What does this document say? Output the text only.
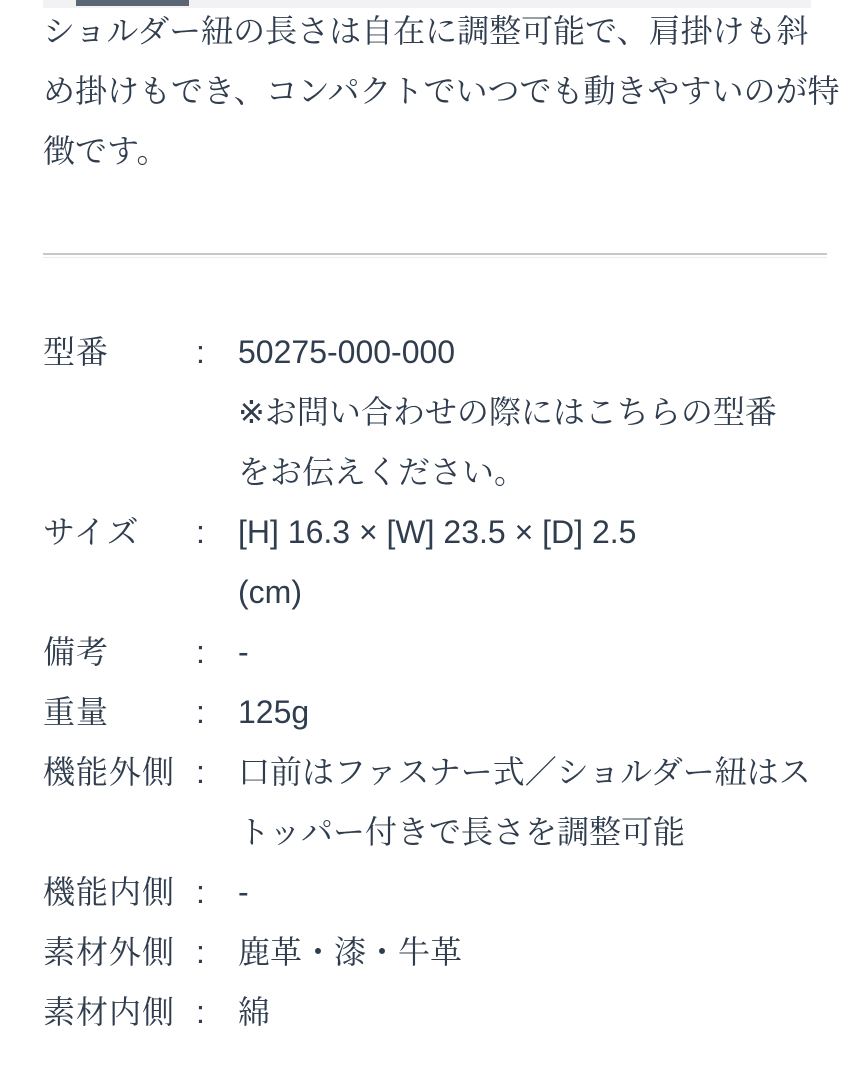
ショルダー紐の長さは自在に調整可能で、肩掛けも斜
め掛けもでき、コンパクトでいつでも動きやすいのが特
徴です。
型番	:	50275-000-000
※お問い合わせの際にはこちらの型番
をお伝えください。
サイズ	:	[H] 16.3 × [W] 23.5 × [D] 2.5
(cm)
備考	:	-
重量	:	125g
機能外側 :	口前はファスナー式／ショルダー紐はス
トッパー付きで長さを調整可能
機能内側 :	-
素材外側 :	鹿革・漆・牛革
素材内側 :	綿
